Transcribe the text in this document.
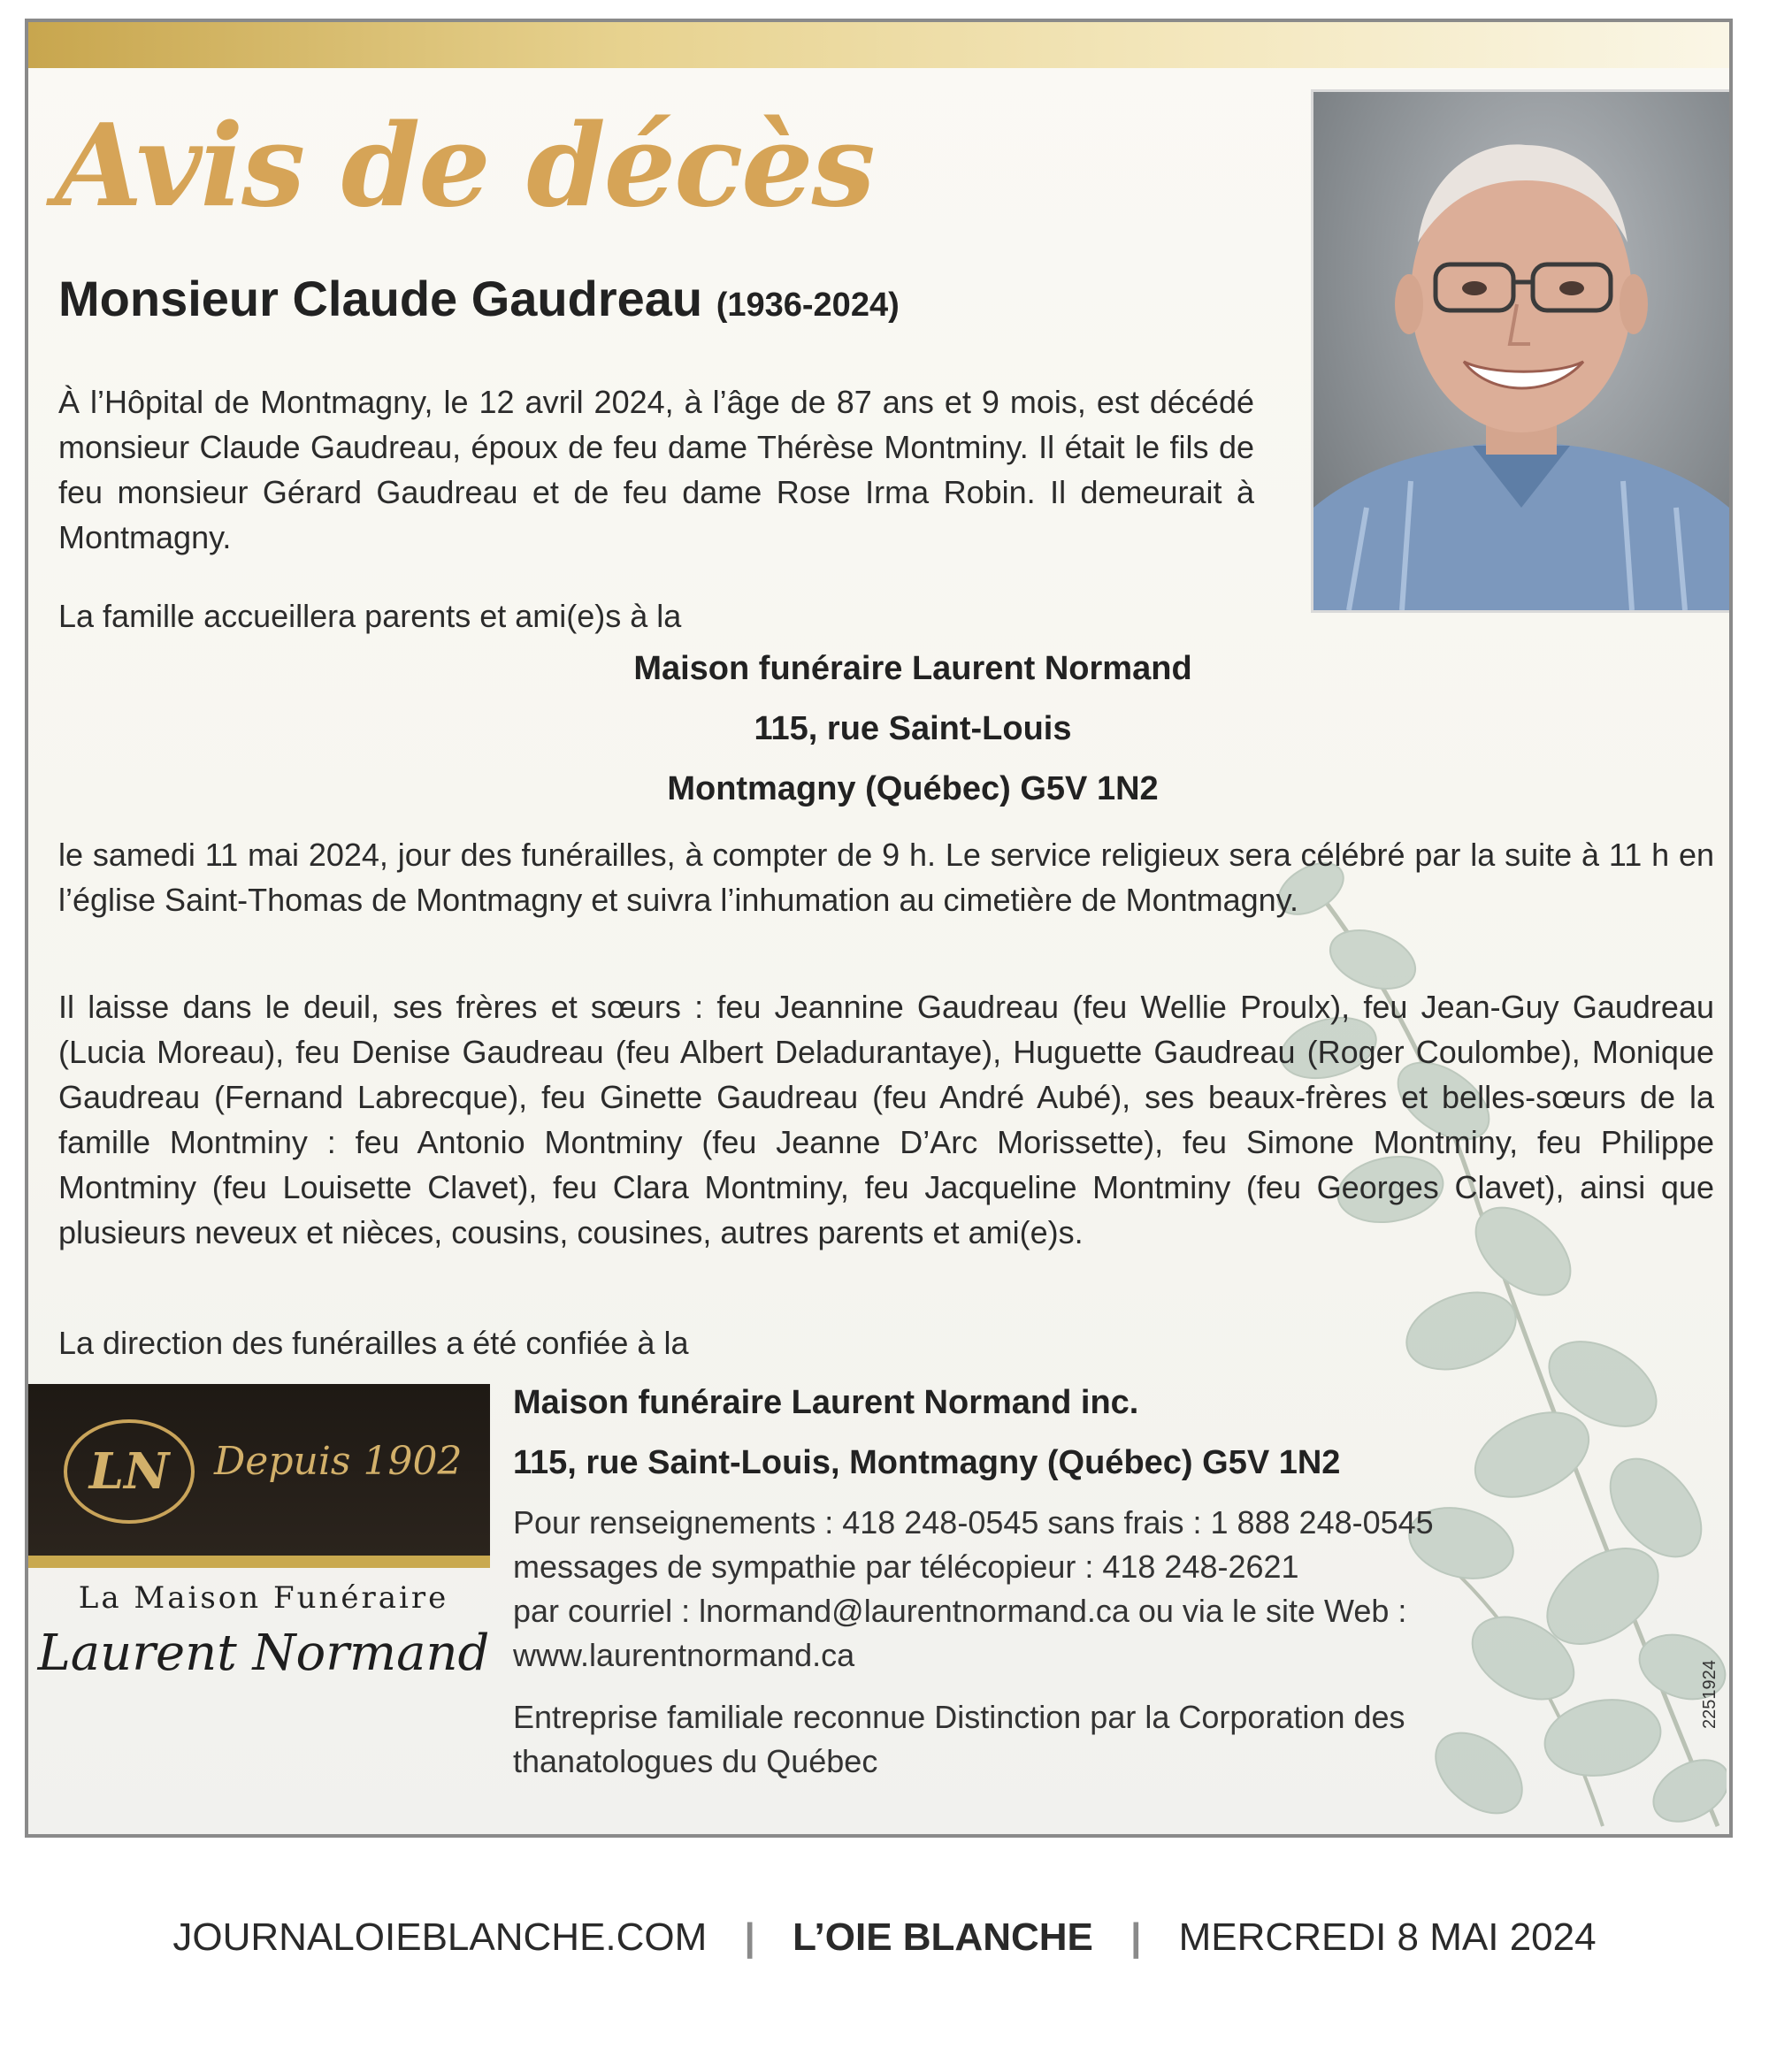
Avis de décès
Monsieur Claude Gaudreau (1936-2024)

À l’Hôpital de Montmagny, le 12 avril 2024, à l’âge de 87 ans et 9 mois, est décédé monsieur Claude Gaudreau, époux de feu dame Thérèse Montminy. Il était le fils de feu monsieur Gérard Gaudreau et de feu dame Rose Irma Robin. Il demeurait à Montmagny.

La famille accueillera parents et ami(e)s à la

Maison funéraire Laurent Normand

115, rue Saint-Louis

Montmagny (Québec) G5V 1N2

le samedi 11 mai 2024, jour des funérailles, à compter de 9 h. Le service religieux sera célébré par la suite à 11 h en l’église Saint-Thomas de Montmagny et suivra l’inhumation au cimetière de Montmagny.

Il laisse dans le deuil, ses frères et sœurs : feu Jeannine Gaudreau (feu Wellie Proulx), feu Jean-Guy Gaudreau (Lucia Moreau), feu Denise Gaudreau (feu Albert Deladurantaye), Huguette Gaudreau (Roger Coulombe), Monique Gaudreau (Fernand Labrecque), feu Ginette Gaudreau (feu André Aubé), ses beaux-frères et belles-sœurs de la famille Montminy : feu Antonio Montminy (feu Jeanne D’Arc Morissette), feu Simone Montminy, feu Philippe Montminy (feu Louisette Clavet), feu Clara Montminy, feu Jacqueline Montminy (feu Georges Clavet), ainsi que plusieurs neveux et nièces, cousins, cousines, autres parents et ami(e)s.

La direction des funérailles a été confiée à la

LN	Depuis 1902
La Maison Funéraire
Laurent Normand

Maison funéraire Laurent Normand inc.

115, rue Saint-Louis, Montmagny (Québec) G5V 1N2

Pour renseignements : 418 248-0545 sans frais : 1 888 248-0545

messages de sympathie par télécopieur : 418 248-2621

par courriel : lnormand@laurentnormand.ca ou via le site Web :

www.laurentnormand.ca

Entreprise familiale reconnue Distinction par la Corporation des

thanatologues du Québec

2251924
JOURNALOIEBLANCHE.COM | L’OIE BLANCHE | MERCREDI 8 MAI 2024
